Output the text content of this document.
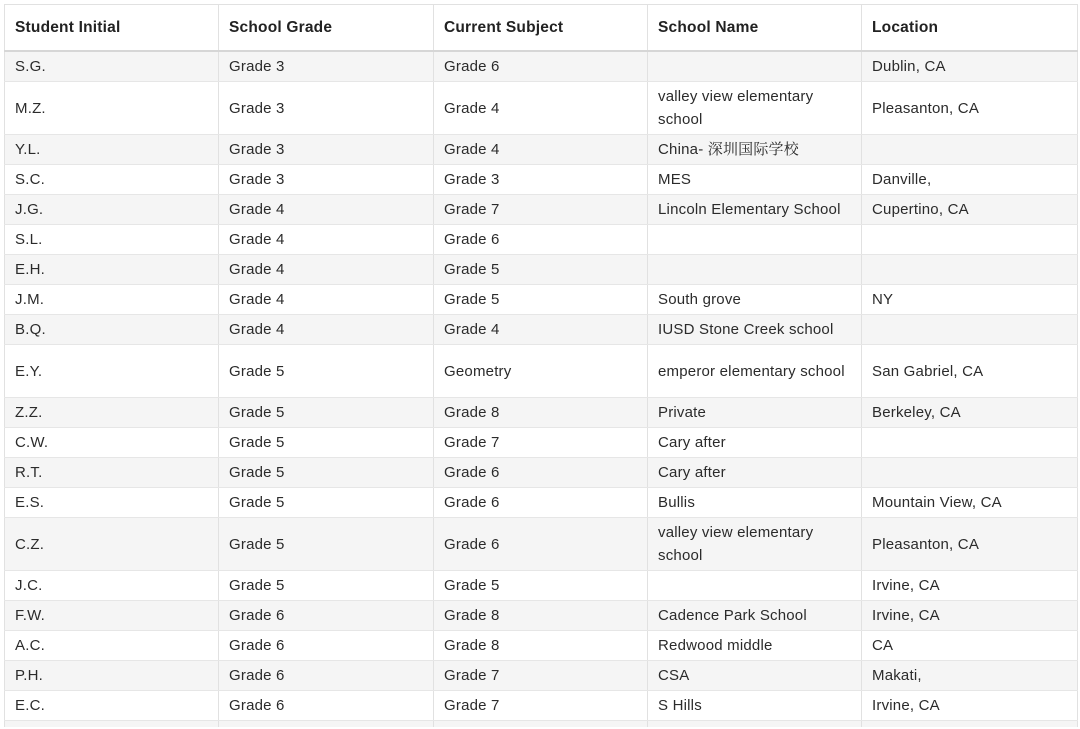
Student Initial	School Grade	Current Subject	School Name	Location
S.G.	Grade 3	Grade 6		Dublin, CA
M.Z.	Grade 3	Grade 4	valley view elementary school	Pleasanton, CA
Y.L.	Grade 3	Grade 4	China- 深圳国际学校	
S.C.	Grade 3	Grade 3	MES	Danville,
J.G.	Grade 4	Grade 7	Lincoln Elementary School	Cupertino, CA
S.L.	Grade 4	Grade 6		
E.H.	Grade 4	Grade 5		
J.M.	Grade 4	Grade 5	South grove	NY
B.Q.	Grade 4	Grade 4	IUSD Stone Creek school	
E.Y.	Grade 5	Geometry	emperor elementary school	San Gabriel, CA
Z.Z.	Grade 5	Grade 8	Private	Berkeley, CA
C.W.	Grade 5	Grade 7	Cary after	
R.T.	Grade 5	Grade 6	Cary after	
E.S.	Grade 5	Grade 6	Bullis	Mountain View, CA
C.Z.	Grade 5	Grade 6	valley view elementary school	Pleasanton, CA
J.C.	Grade 5	Grade 5		Irvine, CA
F.W.	Grade 6	Grade 8	Cadence Park School	Irvine, CA
A.C.	Grade 6	Grade 8	Redwood middle	CA
P.H.	Grade 6	Grade 7	CSA	Makati,
E.C.	Grade 6	Grade 7	S Hills	Irvine, CA
